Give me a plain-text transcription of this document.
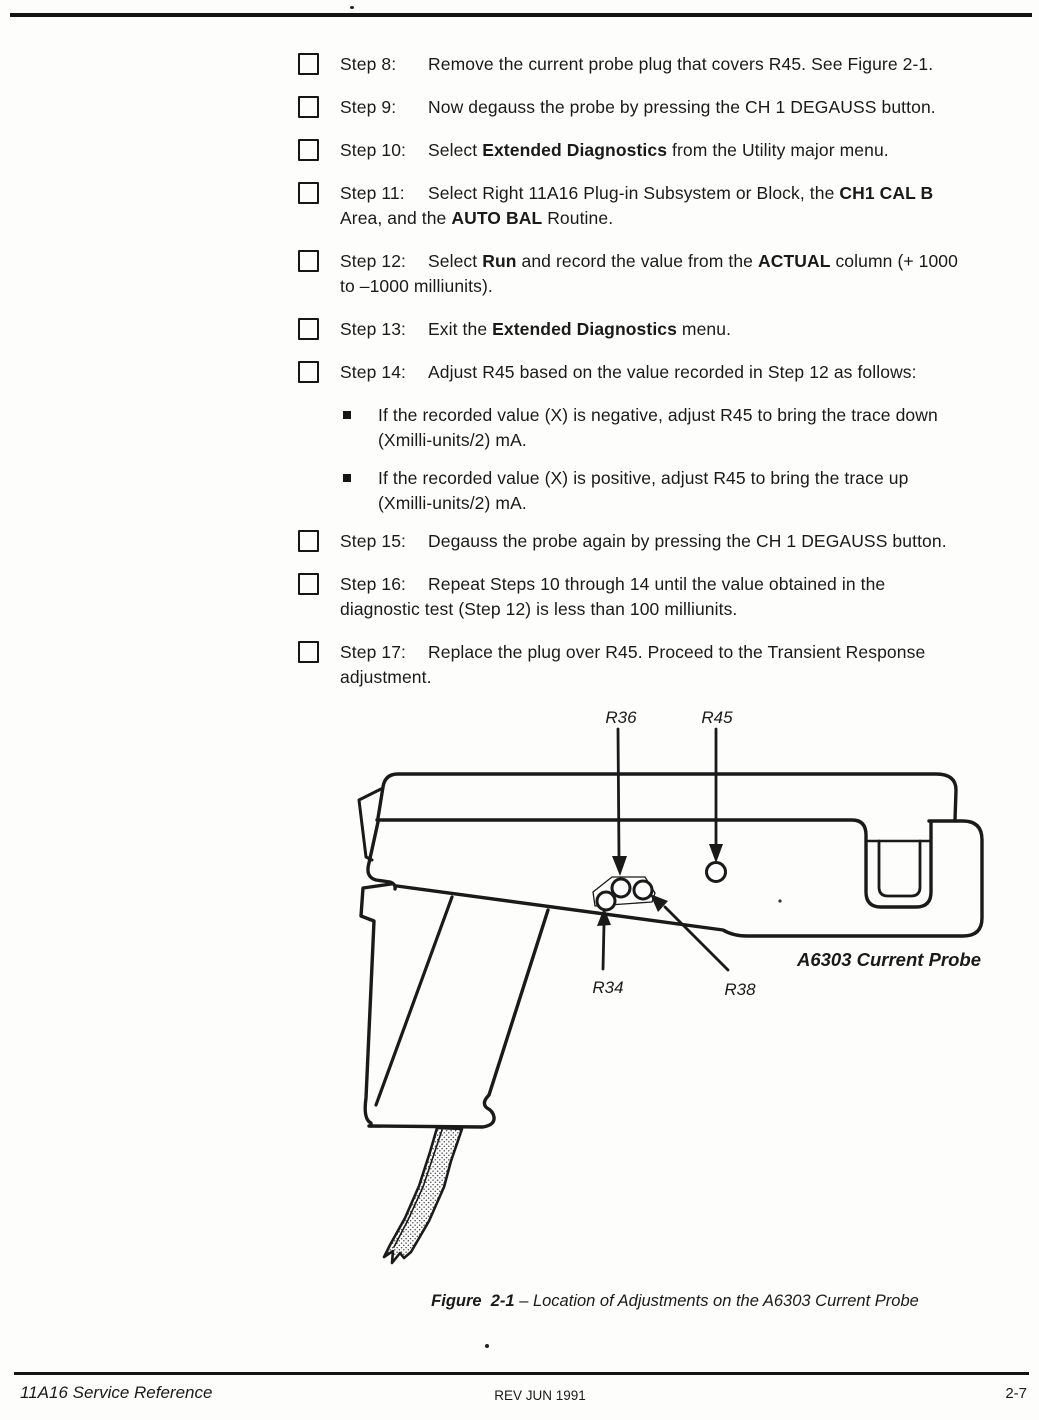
Step 8: Remove the current probe plug that covers R45. See Figure 2-1.
Step 9: Now degauss the probe by pressing the CH 1 DEGAUSS button.
Step 10: Select Extended Diagnostics from the Utility major menu.
Step 11: Select Right 11A16 Plug-in Subsystem or Block, the CH1 CAL B
Area, and the AUTO BAL Routine.
Step 12: Select Run and record the value from the ACTUAL column (+ 1000
to –1000 milliunits).
Step 13: Exit the Extended Diagnostics menu.
Step 14: Adjust R45 based on the value recorded in Step 12 as follows:
If the recorded value (X) is negative, adjust R45 to bring the trace down
(Xmilli-units/2) mA.
If the recorded value (X) is positive, adjust R45 to bring the trace up
(Xmilli-units/2) mA.
Step 15: Degauss the probe again by pressing the CH 1 DEGAUSS button.
Step 16: Repeat Steps 10 through 14 until the value obtained in the
diagnostic test (Step 12) is less than 100 milliunits.
Step 17: Replace the plug over R45. Proceed to the Transient Response
adjustment.
R36	R45
R34	R38
A6303 Current Probe
Figure  2-1 – Location of Adjustments on the A6303 Current Probe
11A16 Service Reference	REV JUN 1991	2-7
